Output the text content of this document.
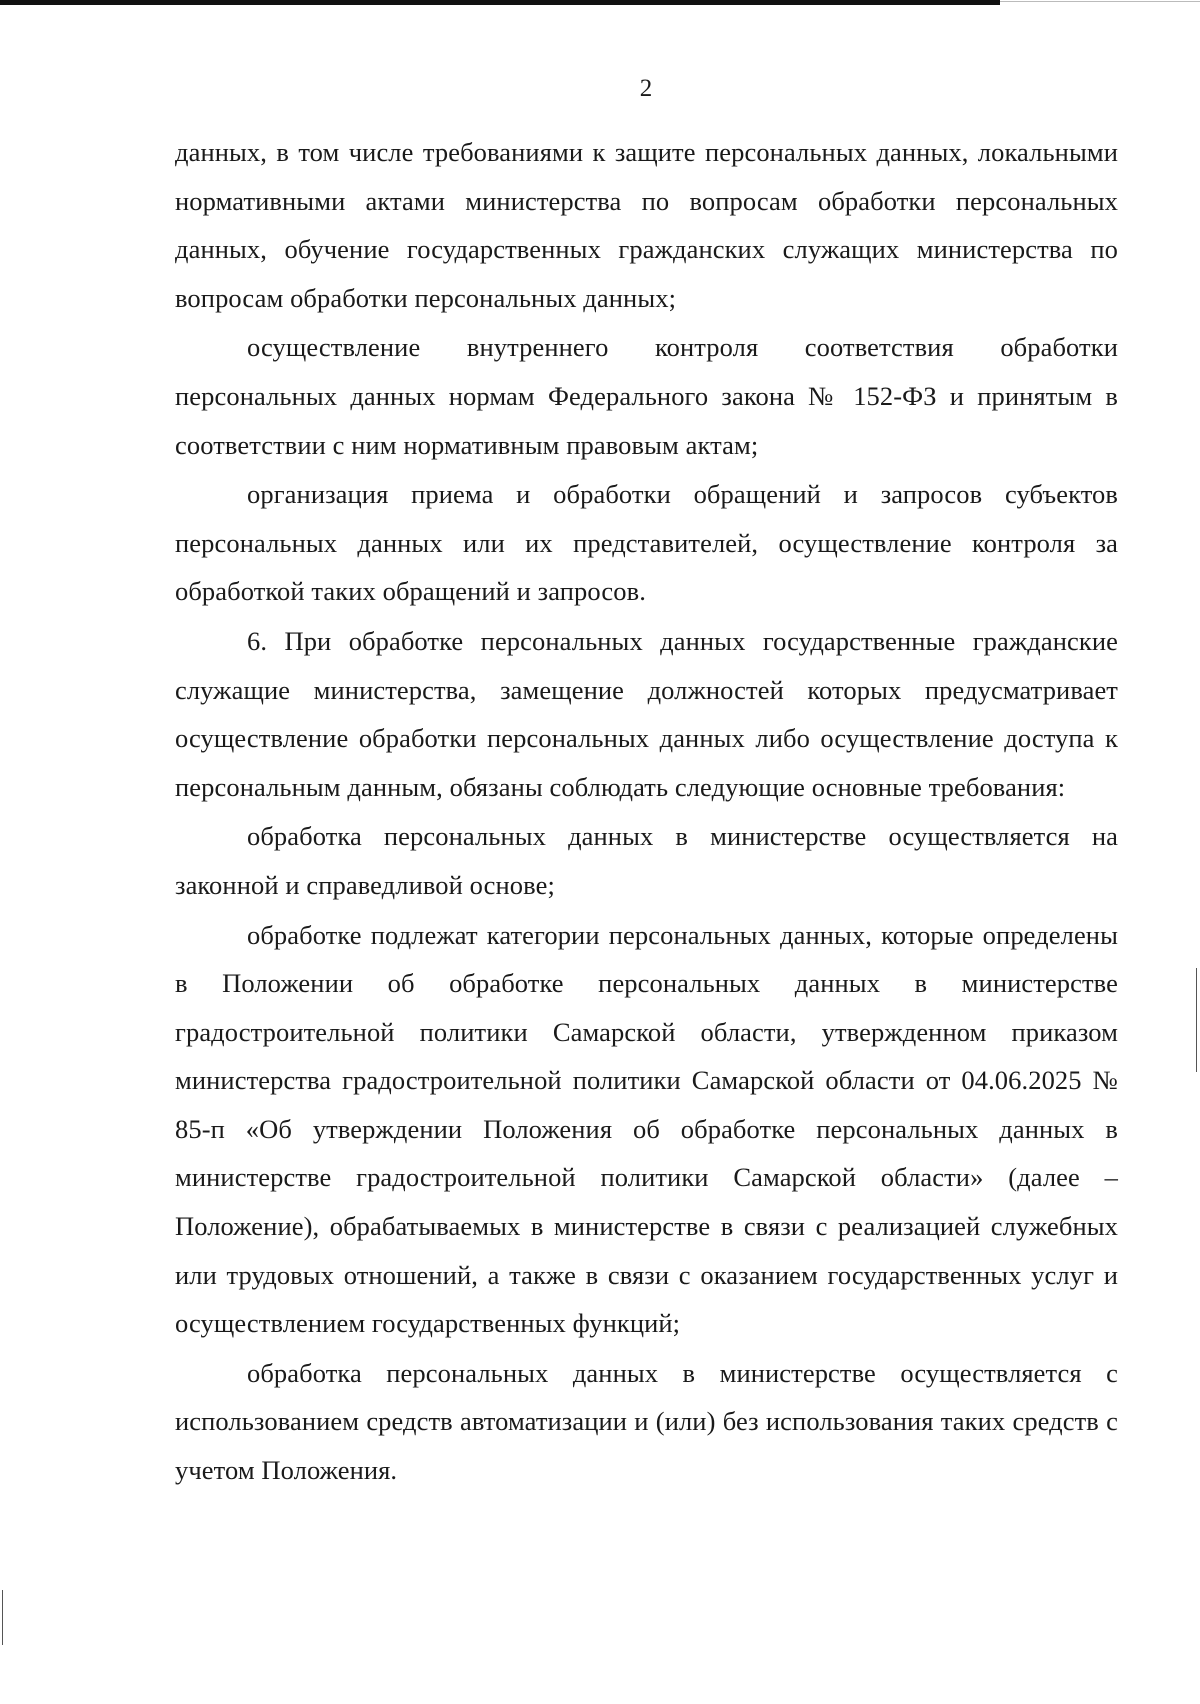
2

данных, в том числе требованиями к защите персональных данных, локальными нормативными актами министерства по вопросам обработки персональных данных, обучение государственных гражданских служащих министерства по вопросам обработки персональных данных;

осуществление внутреннего контроля соответствия обработки персональных данных нормам Федерального закона № 152-ФЗ и принятым в соответствии с ним нормативным правовым актам;

организация приема и обработки обращений и запросов субъектов персональных данных или их представителей, осуществление контроля за обработкой таких обращений и запросов.

6. При обработке персональных данных государственные гражданские служащие министерства, замещение должностей которых предусматривает осуществление обработки персональных данных либо осуществление доступа к персональным данным, обязаны соблюдать следующие основные требования:

обработка персональных данных в министерстве осуществляется на законной и справедливой основе;

обработке подлежат категории персональных данных, которые определены в Положении об обработке персональных данных в министерстве градостроительной политики Самарской области, утвержденном приказом министерства градостроительной политики Самарской области от 04.06.2025 № 85-п «Об утверждении Положения об обработке персональных данных в министерстве градостроительной политики Самарской области» (далее – Положение), обрабатываемых в министерстве в связи с реализацией служебных или трудовых отношений, а также в связи с оказанием государственных услуг и осуществлением государственных функций;

обработка персональных данных в министерстве осуществляется с использованием средств автоматизации и (или) без использования таких средств с учетом Положения.
